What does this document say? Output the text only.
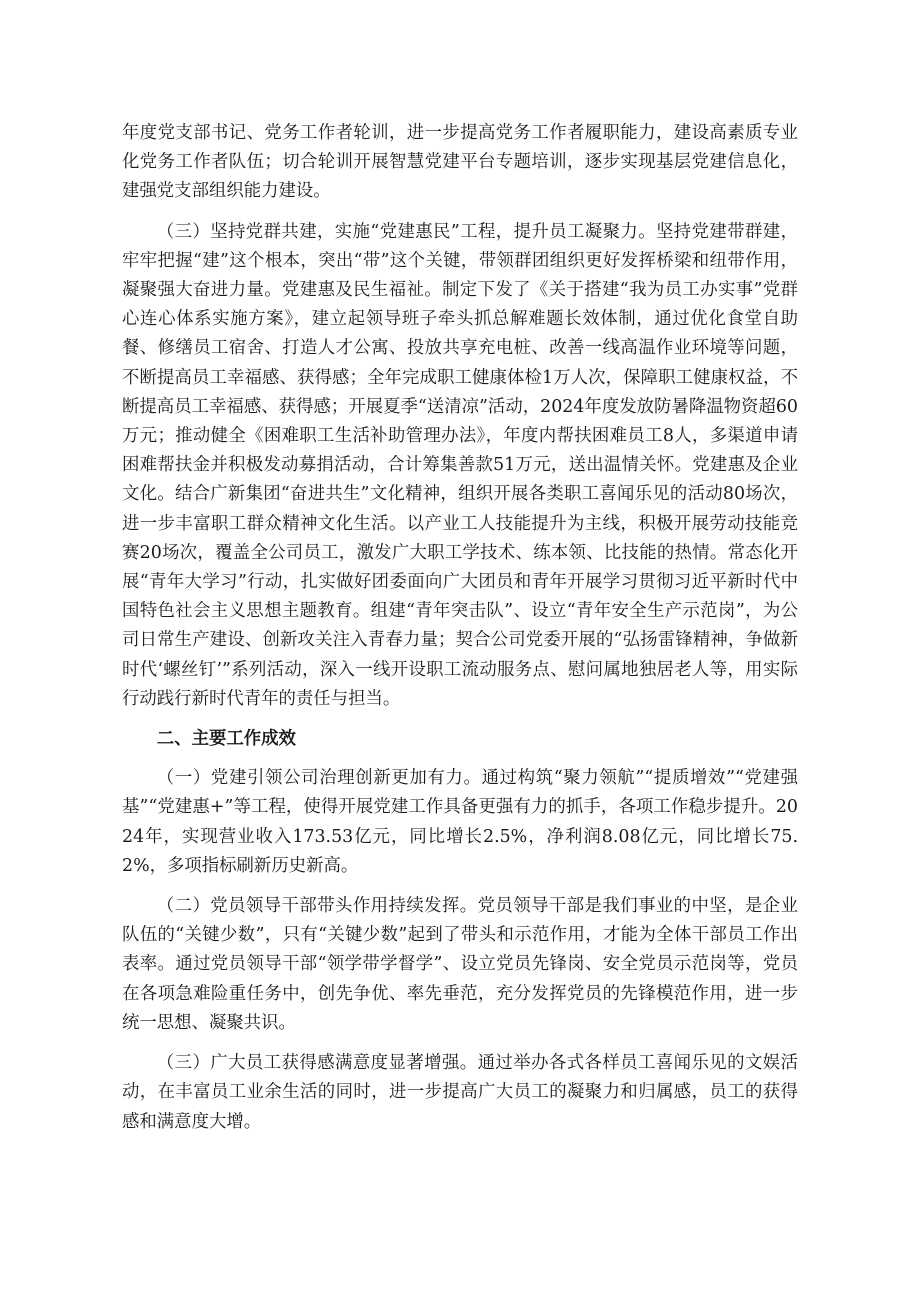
年度党支部书记、党务工作者轮训，进一步提高党务工作者履职能力，建设高素质专业化党务工作者队伍；切合轮训开展智慧党建平台专题培训，逐步实现基层党建信息化，建强党支部组织能力建设。

（三）坚持党群共建，实施“党建惠民”工程，提升员工凝聚力。坚持党建带群建，牢牢把握“建”这个根本，突出“带”这个关键，带领群团组织更好发挥桥梁和纽带作用，凝聚强大奋进力量。党建惠及民生福祉。制定下发了《关于搭建“我为员工办实事”党群心连心体系实施方案》，建立起领导班子牵头抓总解难题长效体制，通过优化食堂自助餐、修缮员工宿舍、打造人才公寓、投放共享充电桩、改善一线高温作业环境等问题，不断提高员工幸福感、获得感；全年完成职工健康体检1万人次，保障职工健康权益，不断提高员工幸福感、获得感；开展夏季“送清凉”活动，2024年度发放防暑降温物资超60万元；推动健全《困难职工生活补助管理办法》，年度内帮扶困难员工8人，多渠道申请困难帮扶金并积极发动募捐活动，合计筹集善款51万元，送出温情关怀。党建惠及企业文化。结合广新集团“奋进共生”文化精神，组织开展各类职工喜闻乐见的活动80场次，进一步丰富职工群众精神文化生活。以产业工人技能提升为主线，积极开展劳动技能竞赛20场次，覆盖全公司员工，激发广大职工学技术、练本领、比技能的热情。常态化开展“青年大学习”行动，扎实做好团委面向广大团员和青年开展学习贯彻习近平新时代中国特色社会主义思想主题教育。组建“青年突击队”、设立“青年安全生产示范岗”，为公司日常生产建设、创新攻关注入青春力量；契合公司党委开展的“弘扬雷锋精神，争做新时代‘螺丝钉’”系列活动，深入一线开设职工流动服务点、慰问属地独居老人等，用实际行动践行新时代青年的责任与担当。

二、主要工作成效

（一）党建引领公司治理创新更加有力。通过构筑“聚力领航”“提质增效”“党建强基”“党建惠+”等工程，使得开展党建工作具备更强有力的抓手，各项工作稳步提升。2024年，实现营业收入173.53亿元，同比增长2.5%，净利润8.08亿元，同比增长75.2%，多项指标刷新历史新高。

（二）党员领导干部带头作用持续发挥。党员领导干部是我们事业的中坚，是企业队伍的“关键少数”，只有“关键少数”起到了带头和示范作用，才能为全体干部员工作出表率。通过党员领导干部“领学带学督学”、设立党员先锋岗、安全党员示范岗等，党员在各项急难险重任务中，创先争优、率先垂范，充分发挥党员的先锋模范作用，进一步统一思想、凝聚共识。

（三）广大员工获得感满意度显著增强。通过举办各式各样员工喜闻乐见的文娱活动，在丰富员工业余生活的同时，进一步提高广大员工的凝聚力和归属感，员工的获得感和满意度大增。
